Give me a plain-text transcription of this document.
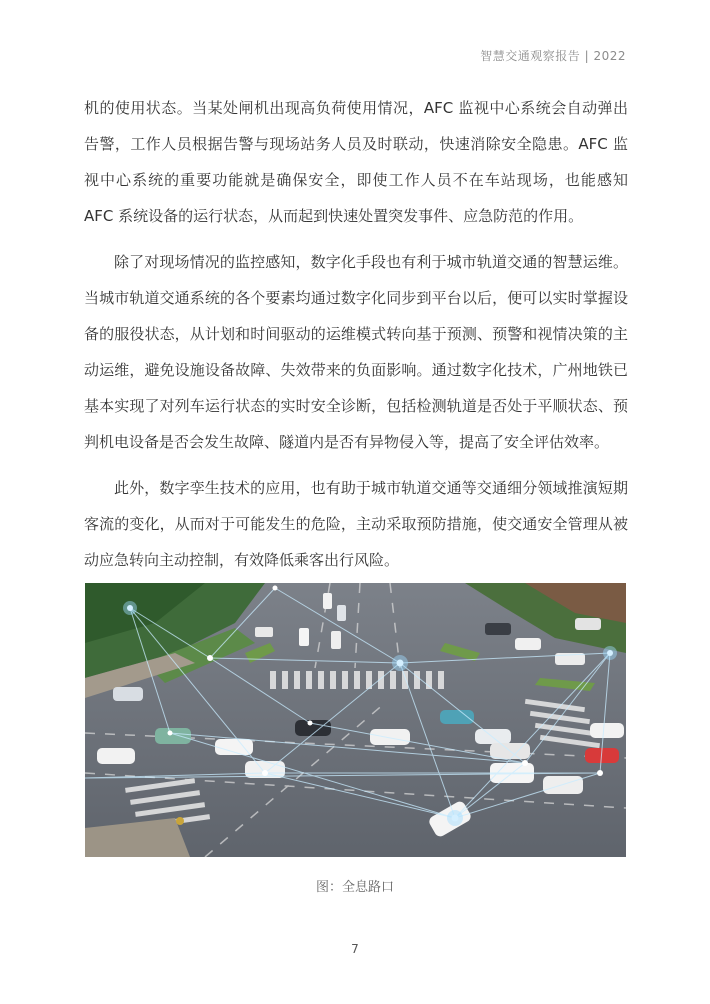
智慧交通观察报告 | 2022

机的使用状态。当某处闸机出现高负荷使用情况，AFC 监视中心系统会自动弹出告警，工作人员根据告警与现场站务人员及时联动，快速消除安全隐患。AFC 监视中心系统的重要功能就是确保安全，即使工作人员不在车站现场，也能感知 AFC 系统设备的运行状态，从而起到快速处置突发事件、应急防范的作用。

除了对现场情况的监控感知，数字化手段也有利于城市轨道交通的智慧运维。当城市轨道交通系统的各个要素均通过数字化同步到平台以后，便可以实时掌握设备的服役状态，从计划和时间驱动的运维模式转向基于预测、预警和视情决策的主动运维，避免设施设备故障、失效带来的负面影响。通过数字化技术，广州地铁已基本实现了对列车运行状态的实时安全诊断，包括检测轨道是否处于平顺状态、预判机电设备是否会发生故障、隧道内是否有异物侵入等，提高了安全评估效率。

此外，数字孪生技术的应用，也有助于城市轨道交通等交通细分领域推演短期客流的变化，从而对于可能发生的危险，主动采取预防措施，使交通安全管理从被动应急转向主动控制，有效降低乘客出行风险。

图：全息路口
7
